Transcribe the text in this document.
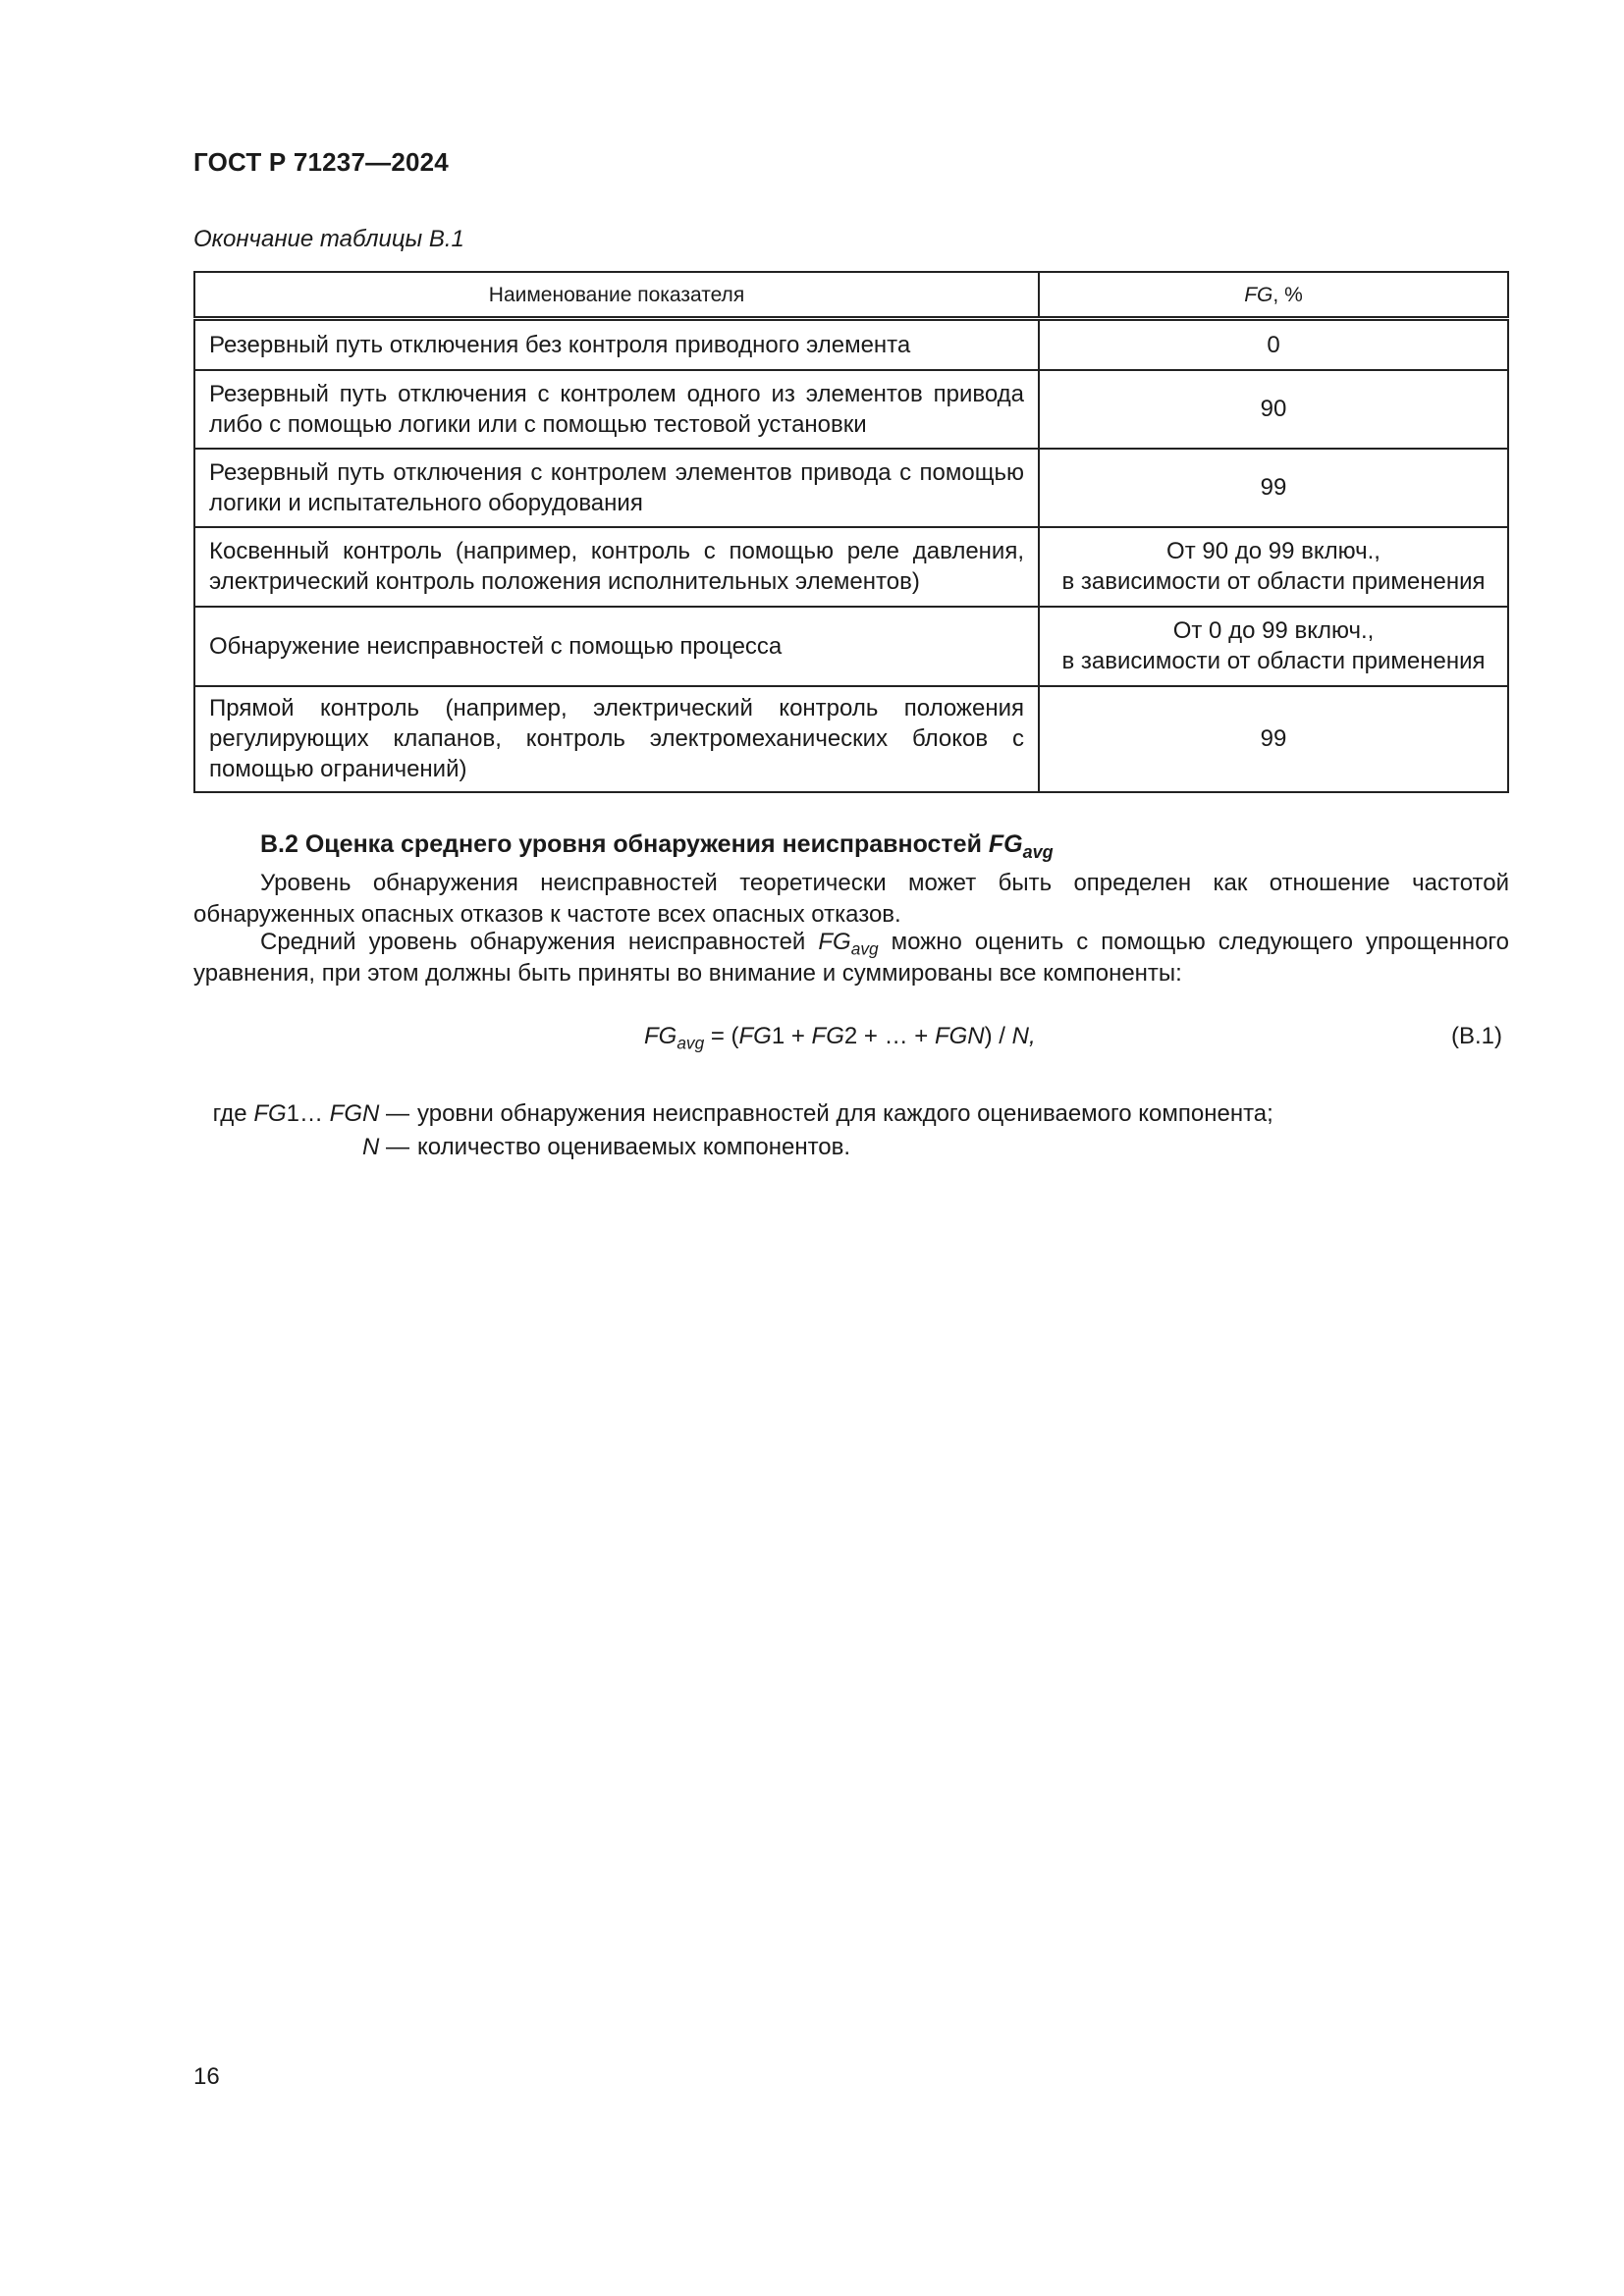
ГОСТ Р 71237—2024
Окончание таблицы В.1
Наименование показателя	FG, %
Резервный путь отключения без контроля приводного элемента	0
Резервный путь отключения с контролем одного из элементов привода либо с помощью логики или с помощью тестовой установки	90
Резервный путь отключения с контролем элементов привода с помощью логики и испытательного оборудования	99
Косвенный контроль (например, контроль с помощью реле давления, электрический контроль положения исполнительных элементов)	От 90 до 99 включ.,
в зависимости от области применения
Обнаружение неисправностей с помощью процесса	От 0 до 99 включ.,
в зависимости от области применения
Прямой контроль (например, электрический контроль положения регулирующих клапанов, контроль электромеханических блоков с помощью ограничений)	99
В.2 Оценка среднего уровня обнаружения неисправностей $FG_{avg}$
Уровень обнаружения неисправностей теоретически может быть определен как отношение частотой обнаруженных опасных отказов к частоте всех опасных отказов.
Средний уровень обнаружения неисправностей $FG_{avg}$ можно оценить с помощью следующего упрощенного уравнения, при этом должны быть приняты во внимание и суммированы все компоненты:
$FG_{avg} = (FG1 + FG2$ + … + FGN) / N,	(В.1)
где FG1… FGN — уровни обнаружения неисправностей для каждого оцениваемого компонента;
N — количество оцениваемых компонентов.
16
